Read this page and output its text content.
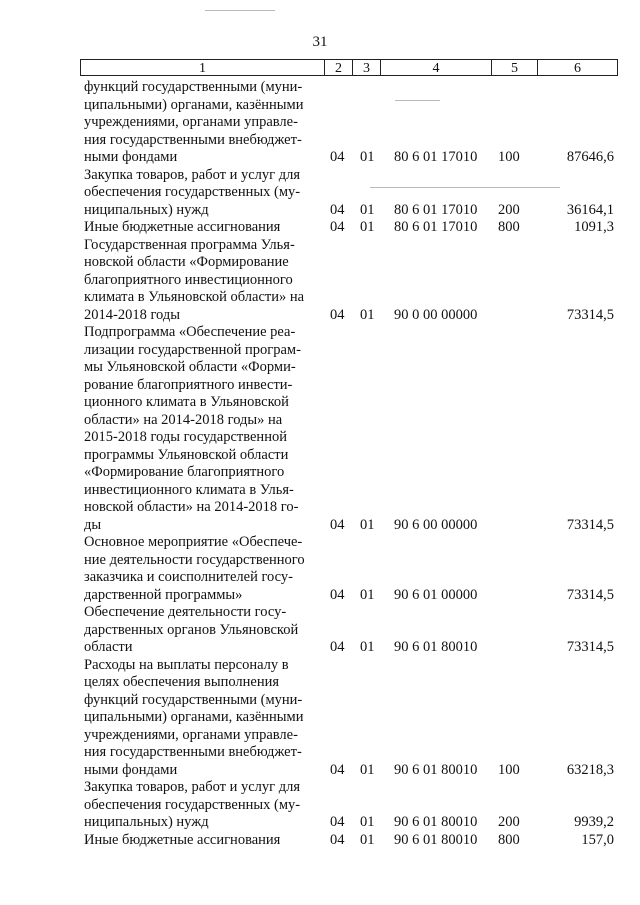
31
1	2	3	4	5	6
функций государственными (муни-
ципальными) органами, казёнными
учреждениями, органами управле-
ния государственными внебюджет-
ными фондами	04 01 80 6 01 17010 100	87646,6
Закупка товаров, работ и услуг для
обеспечения государственных (му-
ниципальных) нужд	04 01 80 6 01 17010 200	36164,1
Иные бюджетные ассигнования	04 01 80 6 01 17010 800	1091,3
Государственная программа Улья-
новской области «Формирование
благоприятного инвестиционного
климата в Ульяновской области» на
2014-2018 годы	04 01 90 0 00 00000	73314,5
Подпрограмма «Обеспечение реа-
лизации государственной програм-
мы Ульяновской области «Форми-
рование благоприятного инвести-
ционного климата в Ульяновской
области» на 2014-2018 годы» на
2015-2018 годы государственной
программы Ульяновской области
«Формирование благоприятного
инвестиционного климата в Улья-
новской области» на 2014-2018 го-
ды	04 01 90 6 00 00000	73314,5
Основное мероприятие «Обеспече-
ние деятельности государственного
заказчика и соисполнителей госу-
дарственной программы»	04 01 90 6 01 00000	73314,5
Обеспечение деятельности госу-
дарственных органов Ульяновской
области	04 01 90 6 01 80010	73314,5
Расходы на выплаты персоналу в
целях обеспечения выполнения
функций государственными (муни-
ципальными) органами, казёнными
учреждениями, органами управле-
ния государственными внебюджет-
ными фондами	04 01 90 6 01 80010 100	63218,3
Закупка товаров, работ и услуг для
обеспечения государственных (му-
ниципальных) нужд	04 01 90 6 01 80010 200	9939,2
Иные бюджетные ассигнования	04 01 90 6 01 80010 800	157,0
